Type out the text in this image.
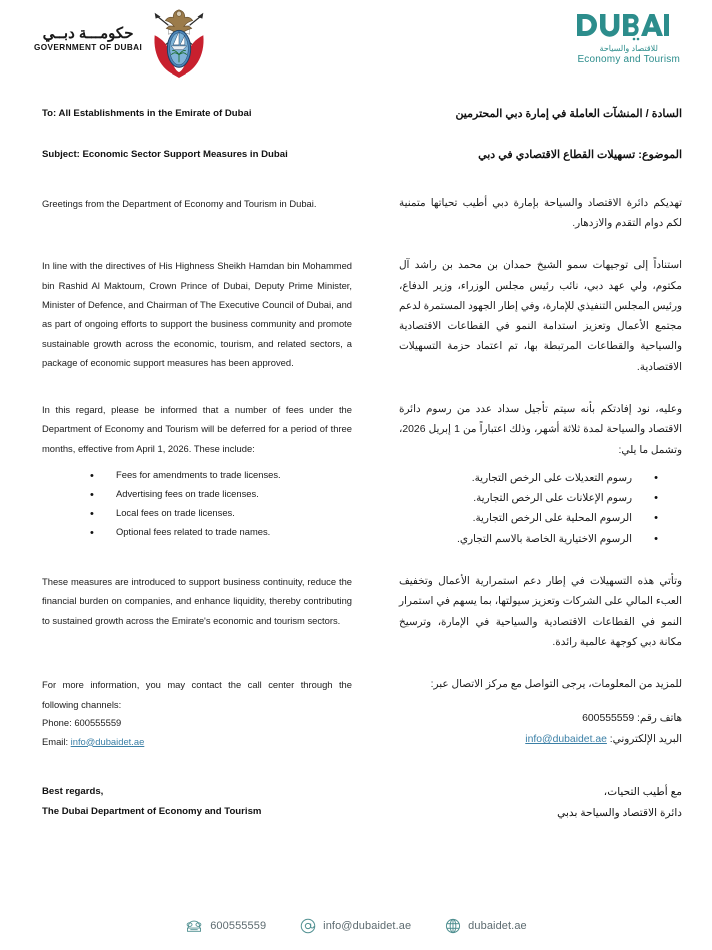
حكومـــة دبــي
GOVERNMENT OF DUBAI	للاقتصاد والسياحة
Economy and Tourism
To: All Establishments in the Emirate of Dubai	السادة / المنشآت العاملة في إمارة دبي المحترمين
Subject: Economic Sector Support Measures in Dubai	الموضوع: تسهيلات القطاع الاقتصادي في دبي

Greetings from the Department of Economy and Tourism in Dubai.	تهديكم دائرة الاقتصاد والسياحة بإمارة دبي أطيب تحياتها متمنية لكم دوام التقدم والازدهار.

In line with the directives of His Highness Sheikh Hamdan bin Mohammed bin Rashid Al Maktoum, Crown Prince of Dubai, Deputy Prime Minister, Minister of Defence, and Chairman of The Executive Council of Dubai, and as part of ongoing efforts to support the business community and promote sustainable growth across the economic, tourism, and related sectors, a package of economic support measures has been approved.

استناداً إلى توجيهات سمو الشيخ حمدان بن محمد بن راشد آل مكتوم، ولي عهد دبي، نائب رئيس مجلس الوزراء، وزير الدفاع، ورئيس المجلس التنفيذي للإمارة، وفي إطار الجهود المستمرة لدعم مجتمع الأعمال وتعزيز استدامة النمو في القطاعات الاقتصادية والسياحية والقطاعات المرتبطة بها، تم اعتماد حزمة التسهيلات الاقتصادية.

In this regard, please be informed that a number of fees under the Department of Economy and Tourism will be deferred for a period of three months, effective from April 1, 2026. These include:

• Fees for amendments to trade licenses.
• Advertising fees on trade licenses.
• Local fees on trade licenses.
• Optional fees related to trade names.

وعليه، نود إفادتكم بأنه سيتم تأجيل سداد عدد من رسوم دائرة الاقتصاد والسياحة لمدة ثلاثة أشهر، وذلك اعتباراً من 1 إبريل 2026، وتشمل ما يلي:

• رسوم التعديلات على الرخص التجارية.
• رسوم الإعلانات على الرخص التجارية.
• الرسوم المحلية على الرخص التجارية.
• الرسوم الاختيارية الخاصة بالاسم التجاري.

These measures are introduced to support business continuity, reduce the financial burden on companies, and enhance liquidity, thereby contributing to sustained growth across the Emirate's economic and tourism sectors.

وتأتي هذه التسهيلات في إطار دعم استمرارية الأعمال وتخفيف العبء المالي على الشركات وتعزيز سيولتها، بما يسهم في استمرار النمو في القطاعات الاقتصادية والسياحية في الإمارة، وترسيخ مكانة دبي كوجهة عالمية رائدة.

For more information, you may contact the call center through the following channels:

Phone: 600555559
Email: info@dubaidet.ae

للمزيد من المعلومات، يرجى التواصل مع مركز الاتصال عبر:

هاتف رقم: 600555559
البريد الإلكتروني: info@dubaidet.ae
Best regards,
The Dubai Department of Economy and Tourism
مع أطيب التحيات،
دائرة الاقتصاد والسياحة بدبي
600555559	info@dubaidet.ae	dubaidet.ae
